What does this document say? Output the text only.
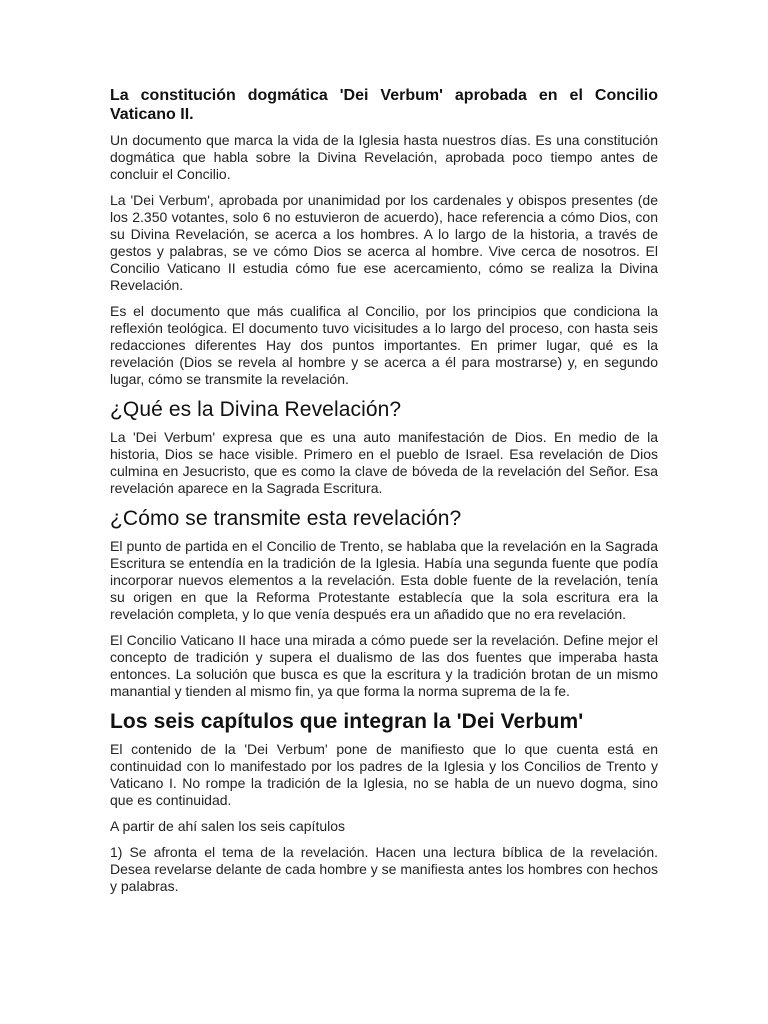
La constitución dogmática 'Dei Verbum' aprobada en el Concilio Vaticano II.

Un documento que marca la vida de la Iglesia hasta nuestros días. Es una constitución dogmática que habla sobre la Divina Revelación, aprobada poco tiempo antes de concluir el Concilio.

La 'Dei Verbum', aprobada por unanimidad por los cardenales y obispos presentes (de los 2.350 votantes, solo 6 no estuvieron de acuerdo), hace referencia a cómo Dios, con su Divina Revelación, se acerca a los hombres. A lo largo de la historia, a través de gestos y palabras, se ve cómo Dios se acerca al hombre. Vive cerca de nosotros. El Concilio Vaticano II estudia cómo fue ese acercamiento, cómo se realiza la Divina Revelación.

Es el documento que más cualifica al Concilio, por los principios que condiciona la reflexión teológica. El documento tuvo vicisitudes a lo largo del proceso, con hasta seis redacciones diferentes Hay dos puntos importantes. En primer lugar, qué es la revelación (Dios se revela al hombre y se acerca a él para mostrarse) y, en segundo lugar, cómo se transmite la revelación.

¿Qué es la Divina Revelación?

La 'Dei Verbum' expresa que es una auto manifestación de Dios. En medio de la historia, Dios se hace visible. Primero en el pueblo de Israel. Esa revelación de Dios culmina en Jesucristo, que es como la clave de bóveda de la revelación del Señor. Esa revelación aparece en la Sagrada Escritura.

¿Cómo se transmite esta revelación?

El punto de partida en el Concilio de Trento, se hablaba que la revelación en la Sagrada Escritura se entendía en la tradición de la Iglesia. Había una segunda fuente que podía incorporar nuevos elementos a la revelación. Esta doble fuente de la revelación, tenía su origen en que la Reforma Protestante establecía que la sola escritura era la revelación completa, y lo que venía después era un añadido que no era revelación.

El Concilio Vaticano II hace una mirada a cómo puede ser la revelación. Define mejor el concepto de tradición y supera el dualismo de las dos fuentes que imperaba hasta entonces. La solución que busca es que la escritura y la tradición brotan de un mismo manantial y tienden al mismo fin, ya que forma la norma suprema de la fe.

Los seis capítulos que integran la 'Dei Verbum'

El contenido de la 'Dei Verbum' pone de manifiesto que lo que cuenta está en continuidad con lo manifestado por los padres de la Iglesia y los Concilios de Trento y Vaticano I. No rompe la tradición de la Iglesia, no se habla de un nuevo dogma, sino que es continuidad.

A partir de ahí salen los seis capítulos

1) Se afronta el tema de la revelación. Hacen una lectura bíblica de la revelación. Desea revelarse delante de cada hombre y se manifiesta antes los hombres con hechos y palabras.
